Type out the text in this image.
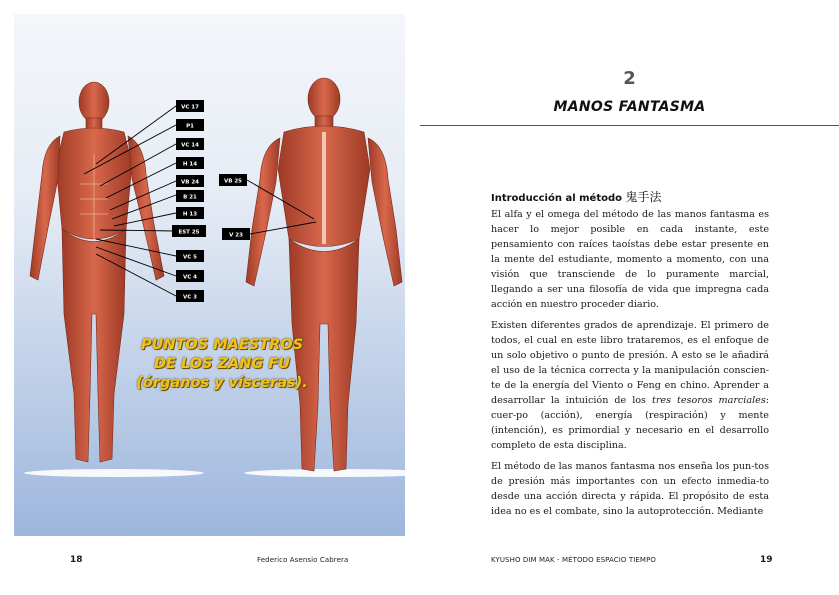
VC 17
P1
VC 14
H 14
VB 24
B 21
H 13
EST 25
VC 5
VC 4
VC 3
VB 25
V 23
PUNTOS MAESTROS
DE LOS ZANG FU
(órganos y vísceras).
18	Federico Asensio Cabrera
2
MANOS FANTASMA
Introducción al método 鬼手法

El alfa y el omega del método de las manos fantasma es hacer lo mejor posible en cada instante, este pensamiento con raíces taoístas debe estar presente en la mente del estudiante, momento a momento, con una visión que transciende de lo puramente marcial, llegando a ser una filosofía de vida que impregna cada acción en nuestro proceder diario.

Existen diferentes grados de aprendizaje. El primero de todos, el cual en este libro trataremos, es el enfoque de un solo objetivo o punto de presión. A esto se le añadirá el uso de la técnica correcta y la manipulación conscien-te de la energía del Viento o Feng en chino. Aprender a desarrollar la intuición de los tres tesoros marciales: cuer-po (acción), energía (respiración) y mente (intención), es primordial y necesario en el desarrollo completo de esta disciplina.

El método de las manos fantasma nos enseña los pun-tos de presión más importantes con un efecto inmedia-to desde una acción directa y rápida. El propósito de esta idea no es el combate, sino la autoprotección. Mediante

KYUSHO DIM MAK - MÉTODO ESPACIO TIEMPO	19
